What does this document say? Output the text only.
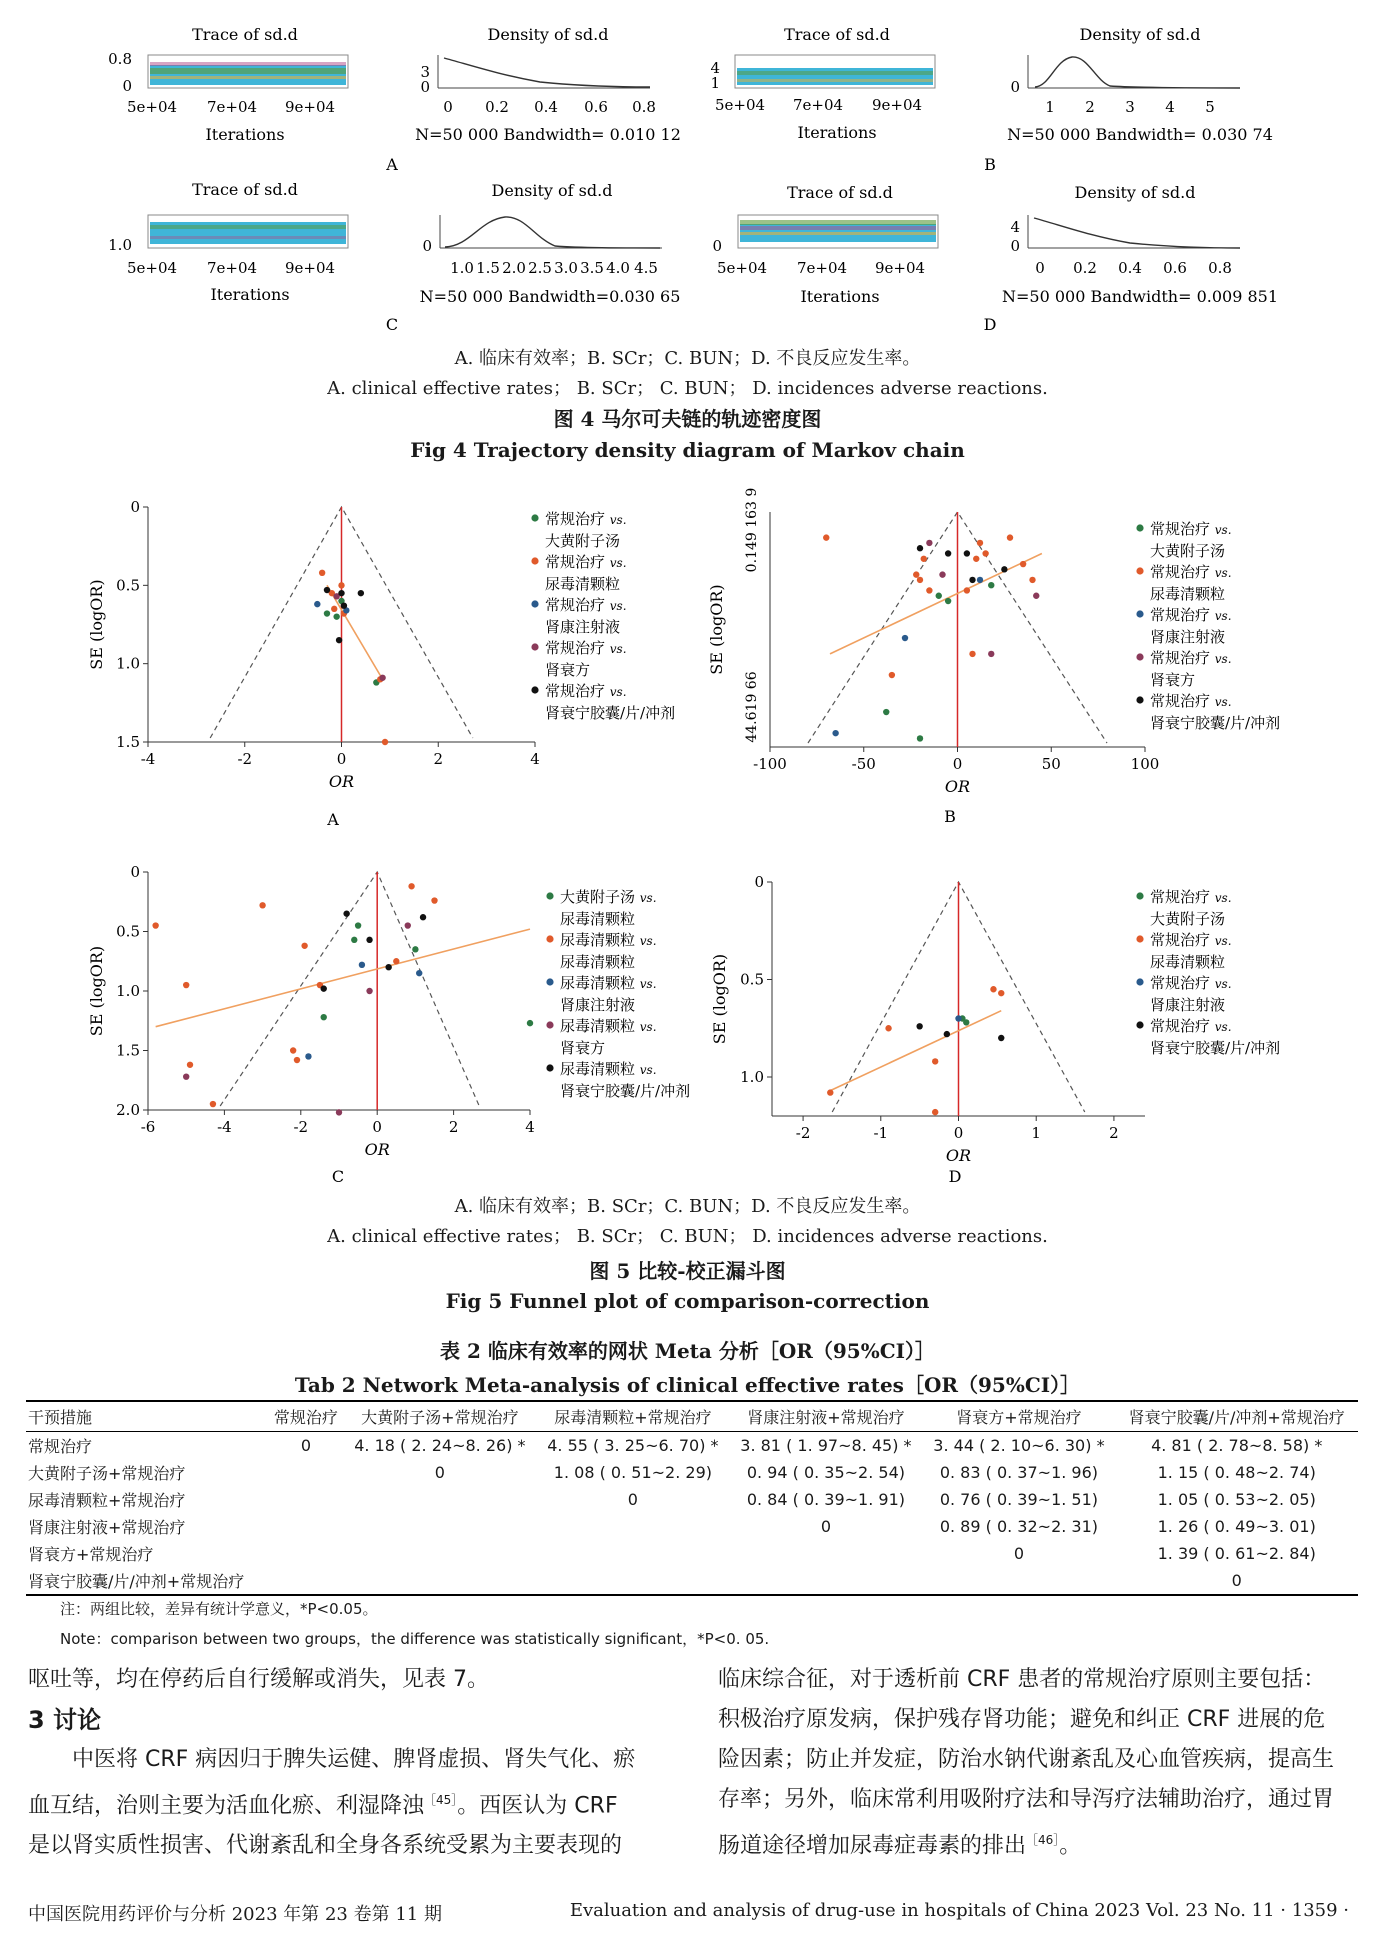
Trace of sd.d
0.8
0
5e+04 7e+04 9e+04
Iterations
Density of sd.d
3
0
0 0.2 0.4 0.6 0.8
N=50 000 Bandwidth= 0.010 12
A
Trace of sd.d
4
1
5e+04 7e+04 9e+04
Iterations
Density of sd.d
0
1 2 3 4 5
N=50 000 Bandwidth= 0.030 74
B
Trace of sd.d
1.0
5e+04 7e+04 9e+04
Iterations
Density of sd.d
0
1.0 1.5 2.0 2.5 3.0 3.5 4.0 4.5
N=50 000 Bandwidth=0.030 65
C
Trace of sd.d
0
5e+04 7e+04 9e+04
Iterations
Density of sd.d
4
0
0 0.2 0.4 0.6 0.8
N=50 000 Bandwidth= 0.009 851
D
A. 临床有效率；B. SCr；C. BUN；D. 不良反应发生率。
A. clinical effective rates； B. SCr； C. BUN； D. incidences adverse reactions.
图 4 马尔可夫链的轨迹密度图
Fig 4 Trajectory density diagram of Markov chain
-4	-2	0	2	4
0
0.5
1.0
1.5
OR
SE (logOR)
常规治疗 vs.
大黄附子汤
常规治疗 vs.
尿毒清颗粒
常规治疗 vs.
肾康注射液
常规治疗 vs.
肾衰方
常规治疗 vs.
肾衰宁胶囊/片/冲剂
-100	-50	0	50	100
0.149 163 9
44.619 66
OR
SE (logOR)
常规治疗 vs.
大黄附子汤
常规治疗 vs.
尿毒清颗粒
常规治疗 vs.
肾康注射液
常规治疗 vs.
肾衰方
常规治疗 vs.
肾衰宁胶囊/片/冲剂
-6	-4	-2	0	2	4
0
0.5
1.0
1.5
2.0
OR
SE (logOR)
大黄附子汤 vs.
尿毒清颗粒
尿毒清颗粒 vs.
尿毒清颗粒
尿毒清颗粒 vs.
肾康注射液
尿毒清颗粒 vs.
肾衰方
尿毒清颗粒 vs.
肾衰宁胶囊/片/冲剂
-2	-1	0	1	2
0
0.5
1.0
OR
SE (logOR)
常规治疗 vs.
大黄附子汤
常规治疗 vs.
尿毒清颗粒
常规治疗 vs.
肾康注射液
常规治疗 vs.
肾衰宁胶囊/片/冲剂
A	B
C	D
A. 临床有效率；B. SCr；C. BUN；D. 不良反应发生率。
A. clinical effective rates； B. SCr； C. BUN； D. incidences adverse reactions.
图 5 比较-校正漏斗图
Fig 5 Funnel plot of comparison-correction
表 2 临床有效率的网状 Meta 分析［OR（95%CI）］
Tab 2 Network Meta-analysis of clinical effective rates［OR（95%CI）］
干预措施	常规治疗	大黄附子汤+常规治疗	尿毒清颗粒+常规治疗	肾康注射液+常规治疗	肾衰方+常规治疗	肾衰宁胶囊/片/冲剂+常规治疗
常规治疗	0	4. 18 ( 2. 24~8. 26) *	4. 55 ( 3. 25~6. 70) *	3. 81 ( 1. 97~8. 45) *	3. 44 ( 2. 10~6. 30) *	4. 81 ( 2. 78~8. 58) *
大黄附子汤+常规治疗		0	1. 08 ( 0. 51~2. 29)	0. 94 ( 0. 35~2. 54)	0. 83 ( 0. 37~1. 96)	1. 15 ( 0. 48~2. 74)
尿毒清颗粒+常规治疗			0	0. 84 ( 0. 39~1. 91)	0. 76 ( 0. 39~1. 51)	1. 05 ( 0. 53~2. 05)
肾康注射液+常规治疗				0	0. 89 ( 0. 32~2. 31)	1. 26 ( 0. 49~3. 01)
肾衰方+常规治疗					0	1. 39 ( 0. 61~2. 84)
肾衰宁胶囊/片/冲剂+常规治疗						0
注：两组比较，差异有统计学意义，*P<0.05。
Note：comparison between two groups，the difference was statistically significant，*P<0. 05.
呕吐等，均在停药后自行缓解或消失，见表 7。
3 讨论
中医将 CRF 病因归于脾失运健、脾肾虚损、肾失气化、瘀
血互结，治则主要为活血化瘀、利湿降浊$^{[45]}$。西医认为 CRF
是以肾实质性损害、代谢紊乱和全身各系统受累为主要表现的
临床综合征，对于透析前 CRF 患者的常规治疗原则主要包括：
积极治疗原发病，保护残存肾功能；避免和纠正 CRF 进展的危
险因素；防止并发症，防治水钠代谢紊乱及心血管疾病，提高生
存率；另外，临床常利用吸附疗法和导泻疗法辅助治疗，通过胃
肠道途径增加尿毒症毒素的排出$^{[46]}$。
中国医院用药评价与分析 2023 年第 23 卷第 11 期	Evaluation and analysis of drug-use in hospitals of China 2023 Vol. 23 No. 11 · 1359 ·
